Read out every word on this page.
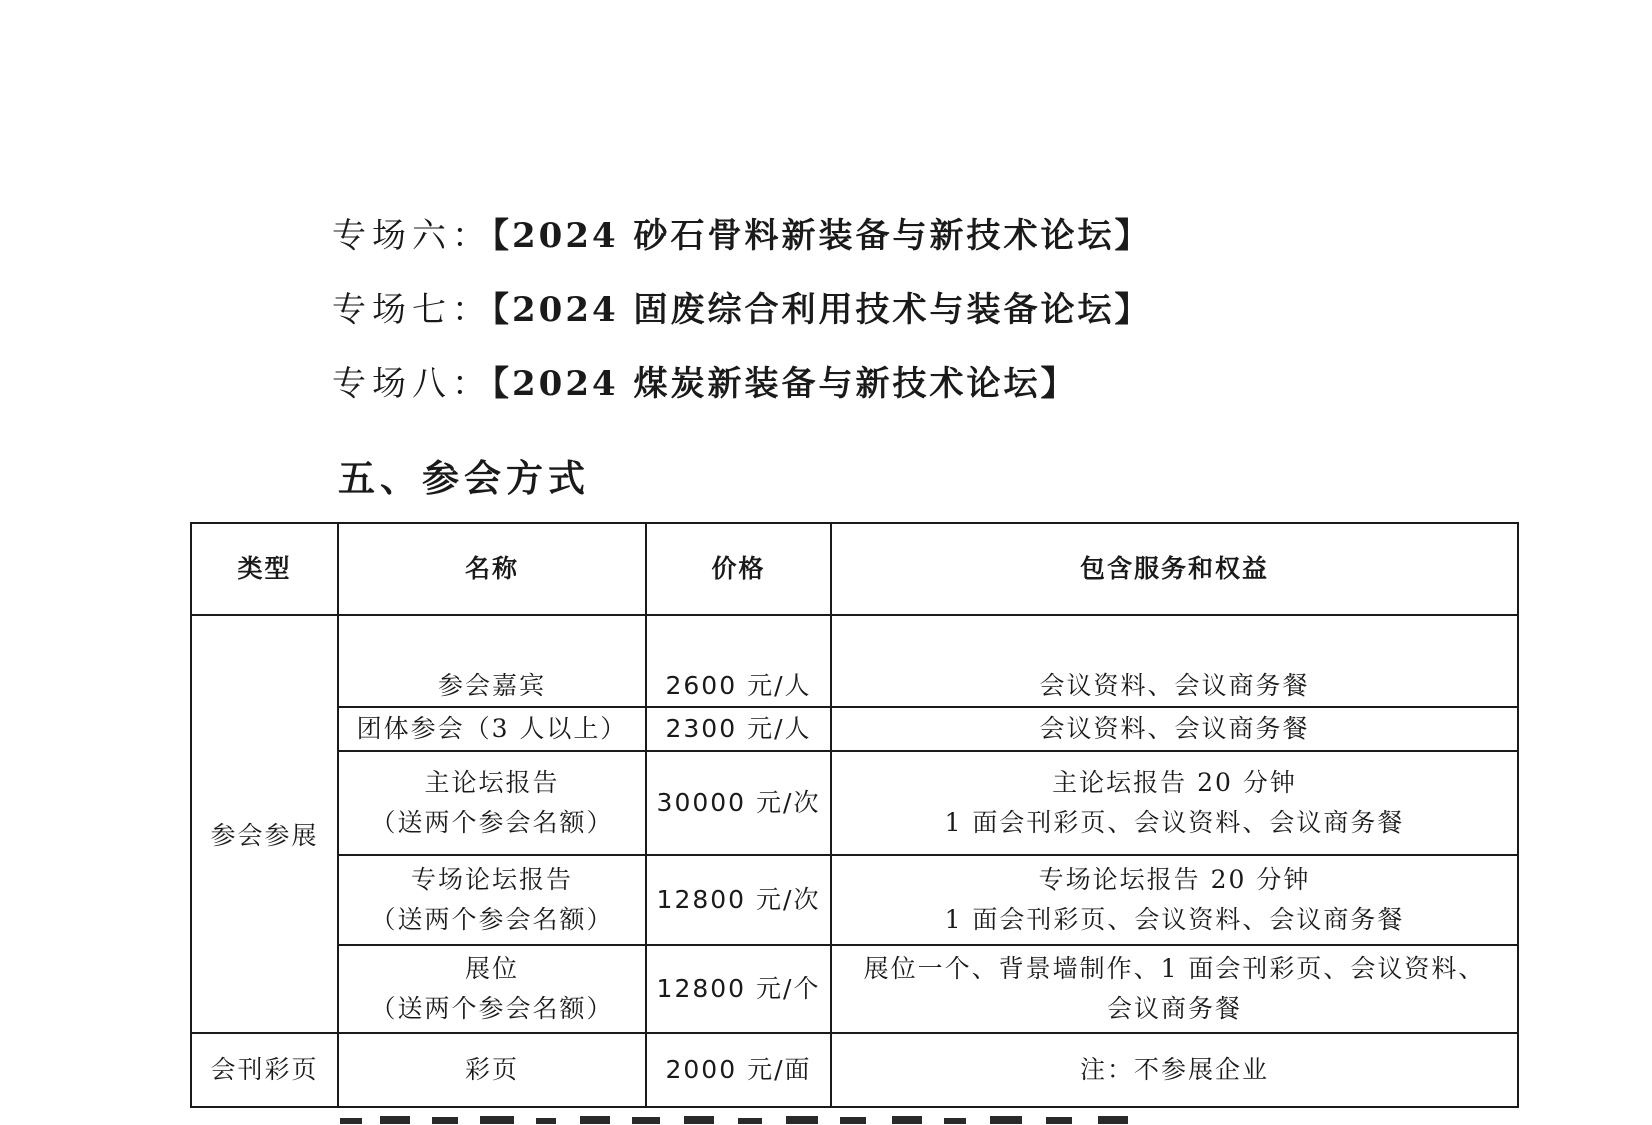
专场六：【2024 砂石骨料新装备与新技术论坛】
专场七：【2024 固废综合利用技术与装备论坛】
专场八：【2024 煤炭新装备与新技术论坛】
五、参会方式
类型	名称	价格	包含服务和权益
参会参展	参会嘉宾	2600 元/人	会议资料、会议商务餐

	团体参会（3 人以上）	2300 元/人	会议资料、会议商务餐

	主论坛报告
（送两个参会名额）	30000 元/次	主论坛报告 20 分钟
1 面会刊彩页、会议资料、会议商务餐

	专场论坛报告
（送两个参会名额）	12800 元/次	专场论坛报告 20 分钟
1 面会刊彩页、会议资料、会议商务餐

	展位
（送两个参会名额）	12800 元/个	展位一个、背景墙制作、1 面会刊彩页、会议资料、
会议商务餐

会刊彩页	彩页	2000 元/面	注：不参展企业
